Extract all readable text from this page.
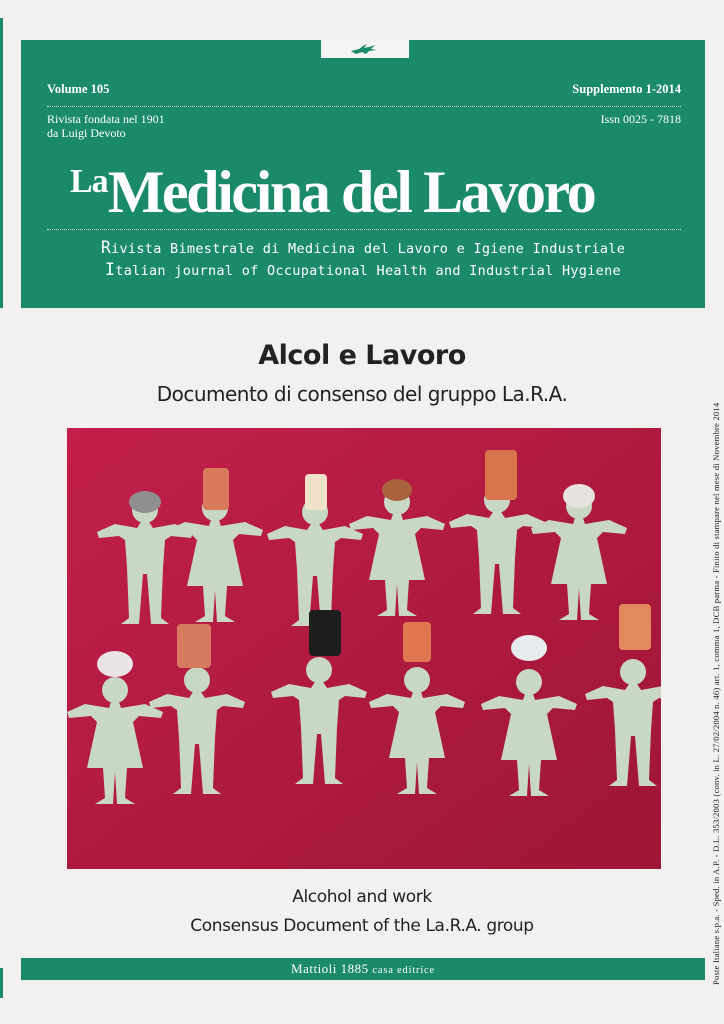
Volume 105	Supplemento 1-2014
Rivista fondata nel 1901
da Luigi Devoto
Issn 0025 - 7818
LaMedicina del Lavoro
Rivista Bimestrale di Medicina del Lavoro e Igiene Industriale
Italian journal of Occupational Health and Industrial Hygiene
Alcol e Lavoro
Documento di consenso del gruppo La.R.A.
Alcohol and work
Consensus Document of the La.R.A. group
Mattioli 1885 casa editrice	Poste Italiane s.p.a. - Sped. in A.P. - D.L. 353/2003 (conv. in L. 27/02/2004 n. 46) art. 1, comma 1, DCB parma - Finito di stampare nel mese di Novembre 2014
